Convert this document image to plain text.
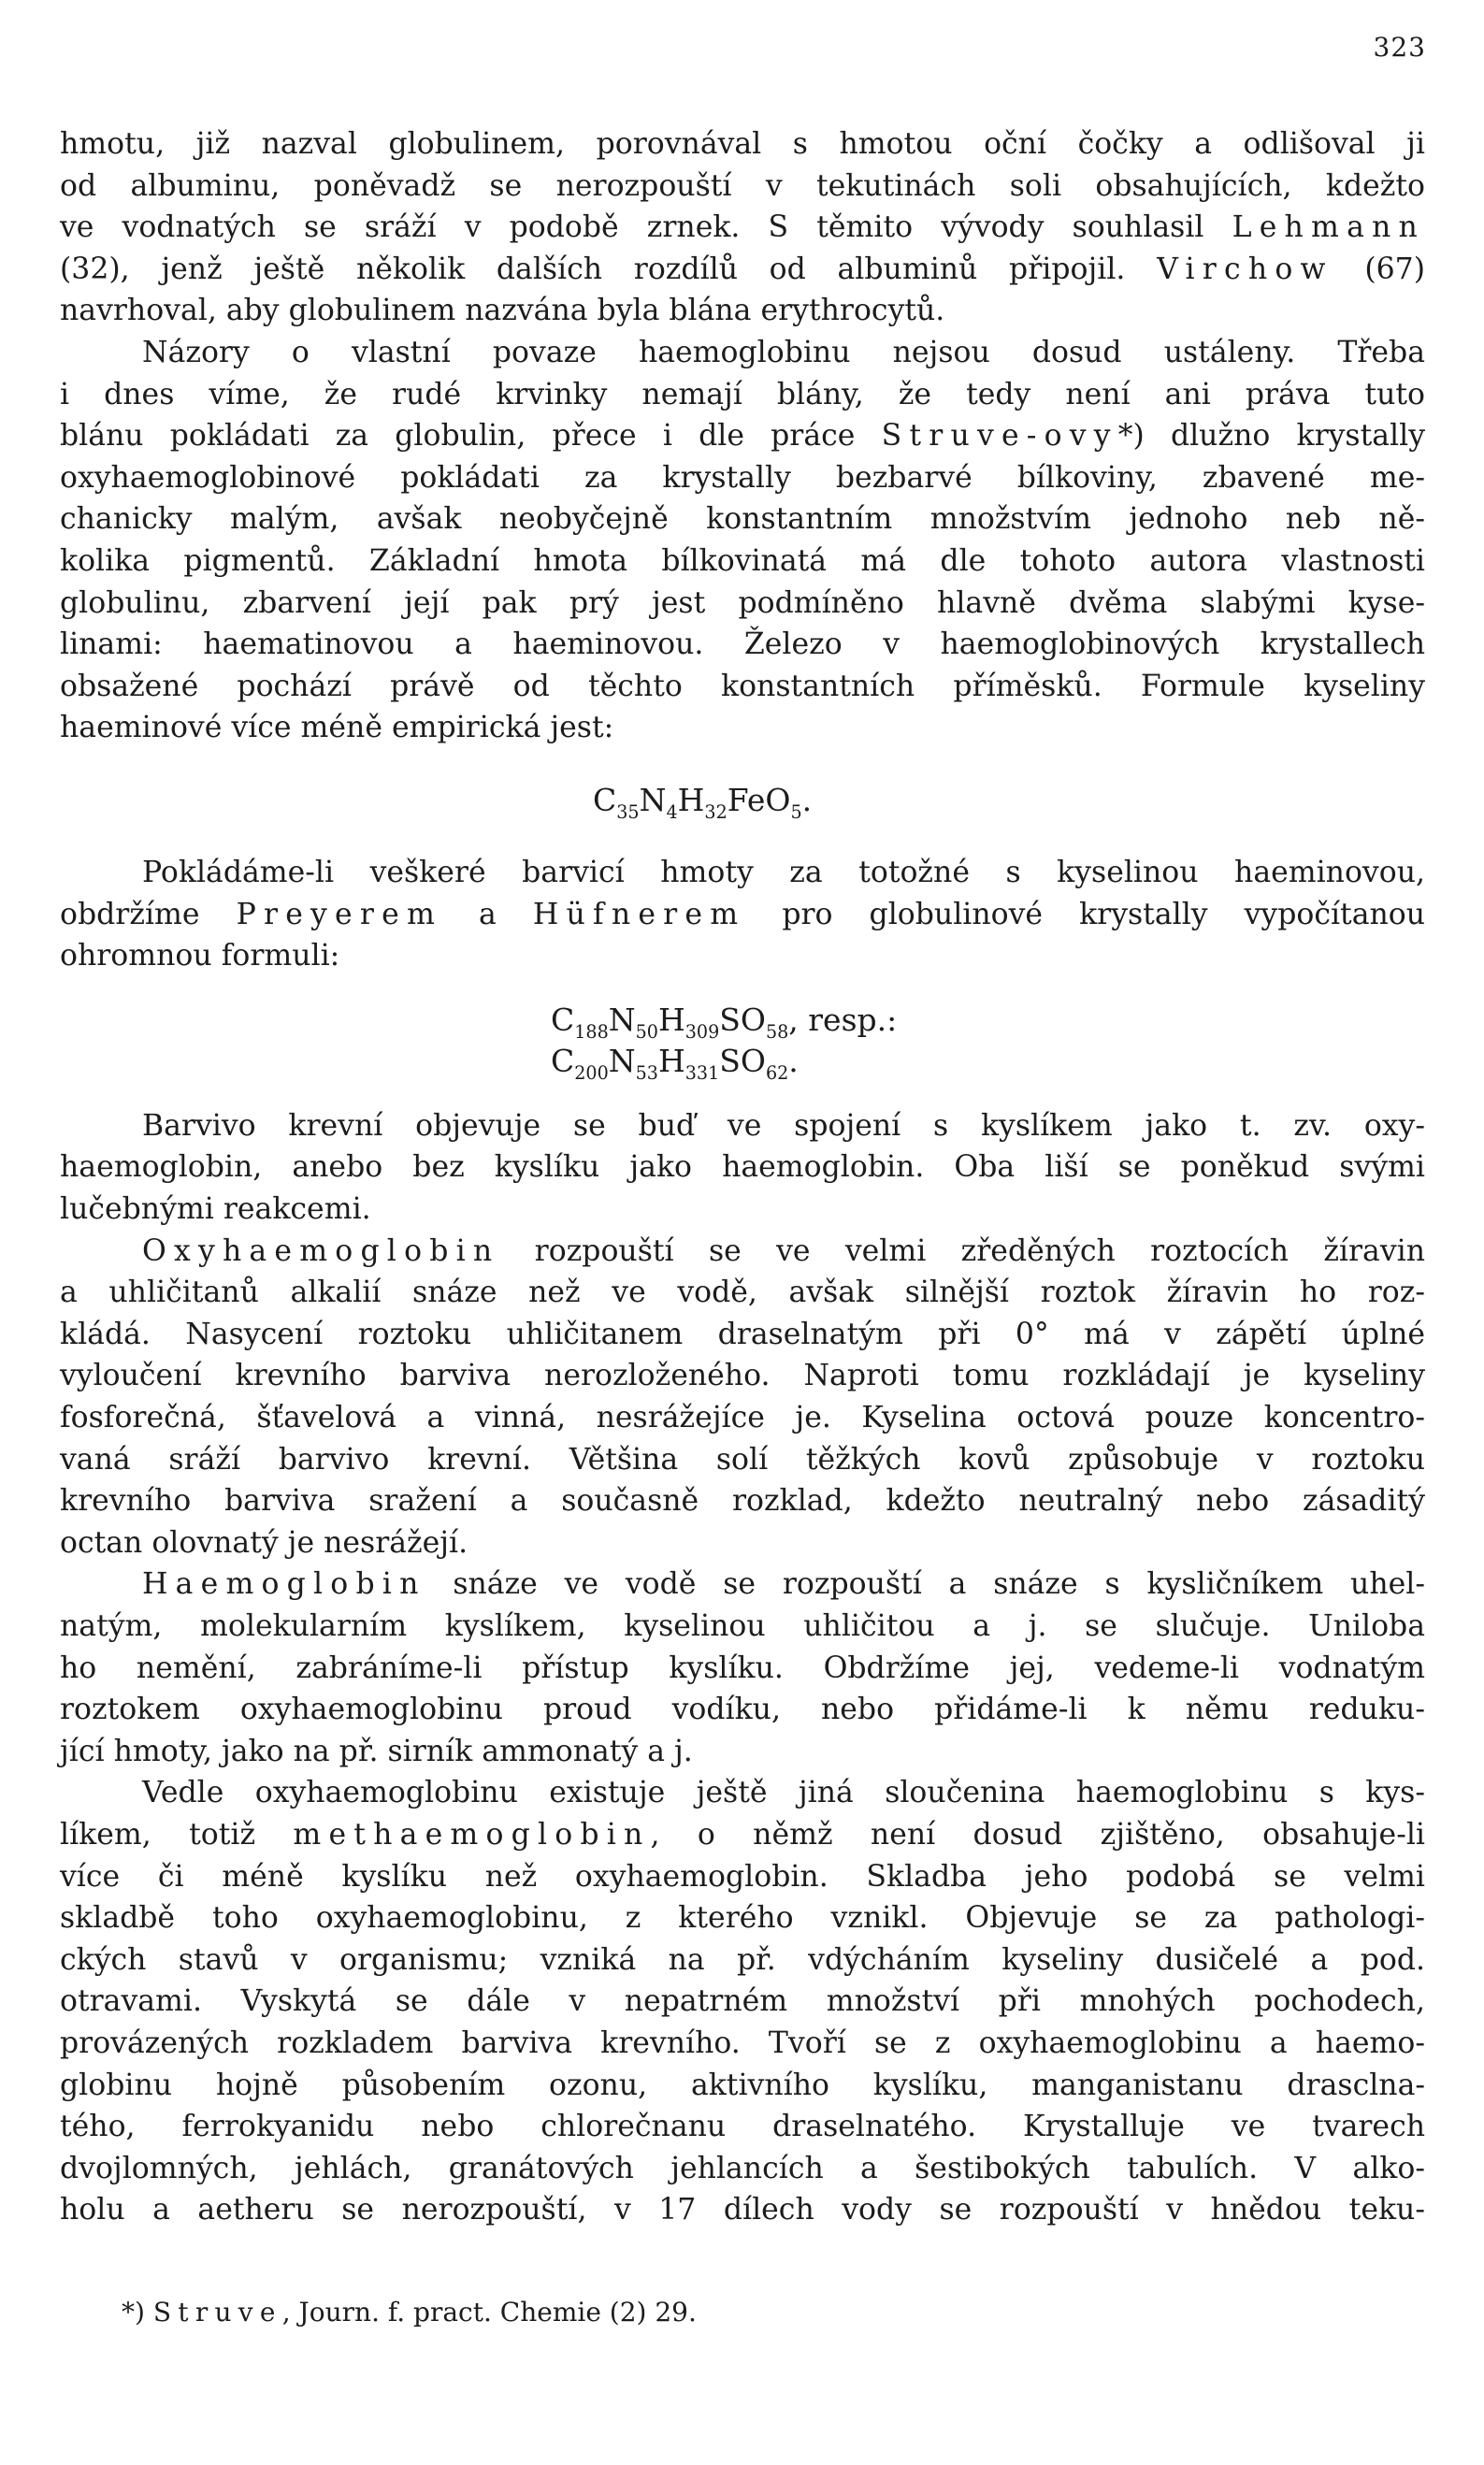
323
hmotu, již nazval globulinem, porovnával s hmotou oční čočky a odlišoval ji
od albuminu, poněvadž se nerozpouští v tekutinách soli obsahujících, kdežto
ve vodnatých se sráží v podobě zrnek. S těmito vývody souhlasil Lehmann
(32), jenž ještě několik dalších rozdílů od albuminů připojil. Virchow (67)
navrhoval, aby globulinem nazvána byla blána erythrocytů.
Názory o vlastní povaze haemoglobinu nejsou dosud ustáleny. Třeba
i dnes víme, že rudé krvinky nemají blány, že tedy není ani práva tuto
blánu pokládati za globulin, přece i dle práce Struve-ovy*) dlužno krystally
oxyhaemoglobinové pokládati za krystally bezbarvé bílkoviny, zbavené me-
chanicky malým, avšak neobyčejně konstantním množstvím jednoho neb ně-
kolika pigmentů. Základní hmota bílkovinatá má dle tohoto autora vlastnosti
globulinu, zbarvení její pak prý jest podmíněno hlavně dvěma slabými kyse-
linami: haematinovou a haeminovou. Železo v haemoglobinových krystallech
obsažené pochází právě od těchto konstantních příměsků. Formule kyseliny
haeminové více méně empirická jest:
$C_{35}N_4H_{32}FeO_5$.
Pokládáme-li veškeré barvicí hmoty za totožné s kyselinou haeminovou,
obdržíme Preyerem a Hüfnerem pro globulinové krystally vypočítanou
ohromnou formuli:
$C_{188}N_{50}H_{309}SO_{58}$, resp.:
$C_{200}N_{53}H_{331}SO_{62}$.
Barvivo krevní objevuje se buď ve spojení s kyslíkem jako t. zv. oxy-
haemoglobin, anebo bez kyslíku jako haemoglobin. Oba liší se poněkud svými
lučebnými reakcemi.
Oxyhaemoglobin rozpouští se ve velmi zředěných roztocích žíravin
a uhličitanů alkalií snáze než ve vodě, avšak silnější roztok žíravin ho roz-
kládá. Nasycení roztoku uhličitanem draselnatým při 0° má v zápětí úplné
vyloučení krevního barviva nerozloženého. Naproti tomu rozkládají je kyseliny
fosforečná, šťavelová a vinná, nesrážejíce je. Kyselina octová pouze koncentro-
vaná sráží barvivo krevní. Většina solí těžkých kovů způsobuje v roztoku
krevního barviva sražení a současně rozklad, kdežto neutralný nebo zásaditý
octan olovnatý je nesrážejí.
Haemoglobin snáze ve vodě se rozpouští a snáze s kysličníkem uhel-
natým, molekularním kyslíkem, kyselinou uhličitou a j. se slučuje. Uniloba
ho nemění, zabráníme-li přístup kyslíku. Obdržíme jej, vedeme-li vodnatým
roztokem oxyhaemoglobinu proud vodíku, nebo přidáme-li k němu reduku-
jící hmoty, jako na př. sirník ammonatý a j.
Vedle oxyhaemoglobinu existuje ještě jiná sloučenina haemoglobinu s kys-
líkem, totiž methaemoglobin, o němž není dosud zjištěno, obsahuje-li
více či méně kyslíku než oxyhaemoglobin. Skladba jeho podobá se velmi
skladbě toho oxyhaemoglobinu, z kterého vznikl. Objevuje se za pathologi-
ckých stavů v organismu; vzniká na př. vdýcháním kyseliny dusičelé a pod.
otravami. Vyskytá se dále v nepatrném množství při mnohých pochodech,
provázených rozkladem barviva krevního. Tvoří se z oxyhaemoglobinu a haemo-
globinu hojně působením ozonu, aktivního kyslíku, manganistanu drasclna-
tého, ferrokyanidu nebo chlorečnanu draselnatého. Krystalluje ve tvarech
dvojlomných, jehlách, granátových jehlancích a šestibokých tabulích. V alko-
holu a aetheru se nerozpouští, v 17 dílech vody se rozpouští v hnědou teku-
*) Struve, Journ. f. pract. Chemie (2) 29.
